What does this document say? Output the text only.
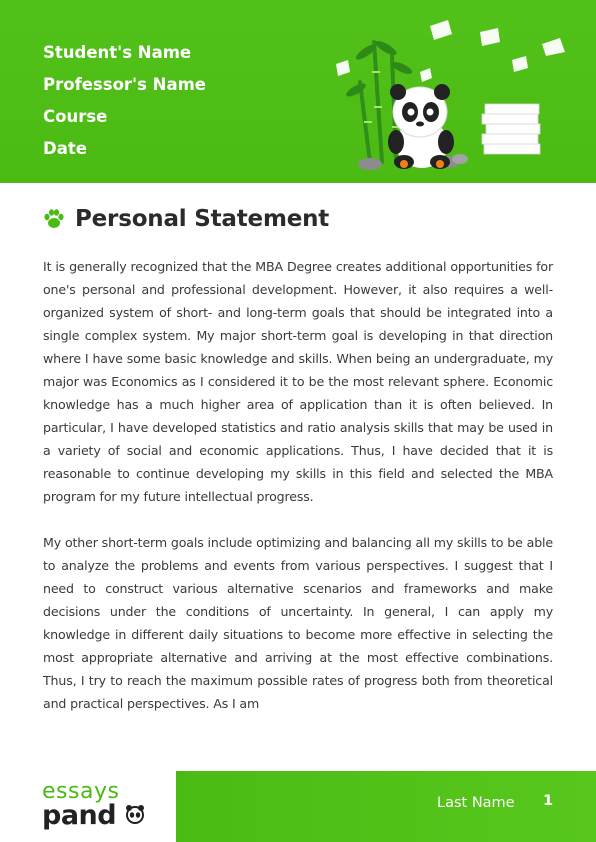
Student's Name
Professor's Name
Course
Date
Personal Statement

It is generally recognized that the MBA Degree creates additional opportunities for one's personal and professional development. However, it also requires a well-organized system of short- and long-term goals that should be integrated into a single complex system. My major short-term goal is developing in that direction where I have some basic knowledge and skills. When being an undergraduate, my major was Economics as I considered it to be the most relevant sphere. Economic knowledge has a much higher area of application than it is often believed. In particular, I have developed statistics and ratio analysis skills that may be used in a variety of social and economic applications. Thus, I have decided that it is reasonable to continue developing my skills in this field and selected the MBA program for my future intellectual progress.

My other short-term goals include optimizing and balancing all my skills to be able to analyze the problems and events from various perspectives. I suggest that I need to construct various alternative scenarios and frameworks and make decisions under the conditions of uncertainty. In general, I can apply my knowledge in different daily situations to become more effective in selecting the most appropriate alternative and arriving at the most effective combinations. Thus, I try to reach the maximum possible rates of progress both from theoretical and practical perspectives. As I am

essays
pand	Last Name 1
